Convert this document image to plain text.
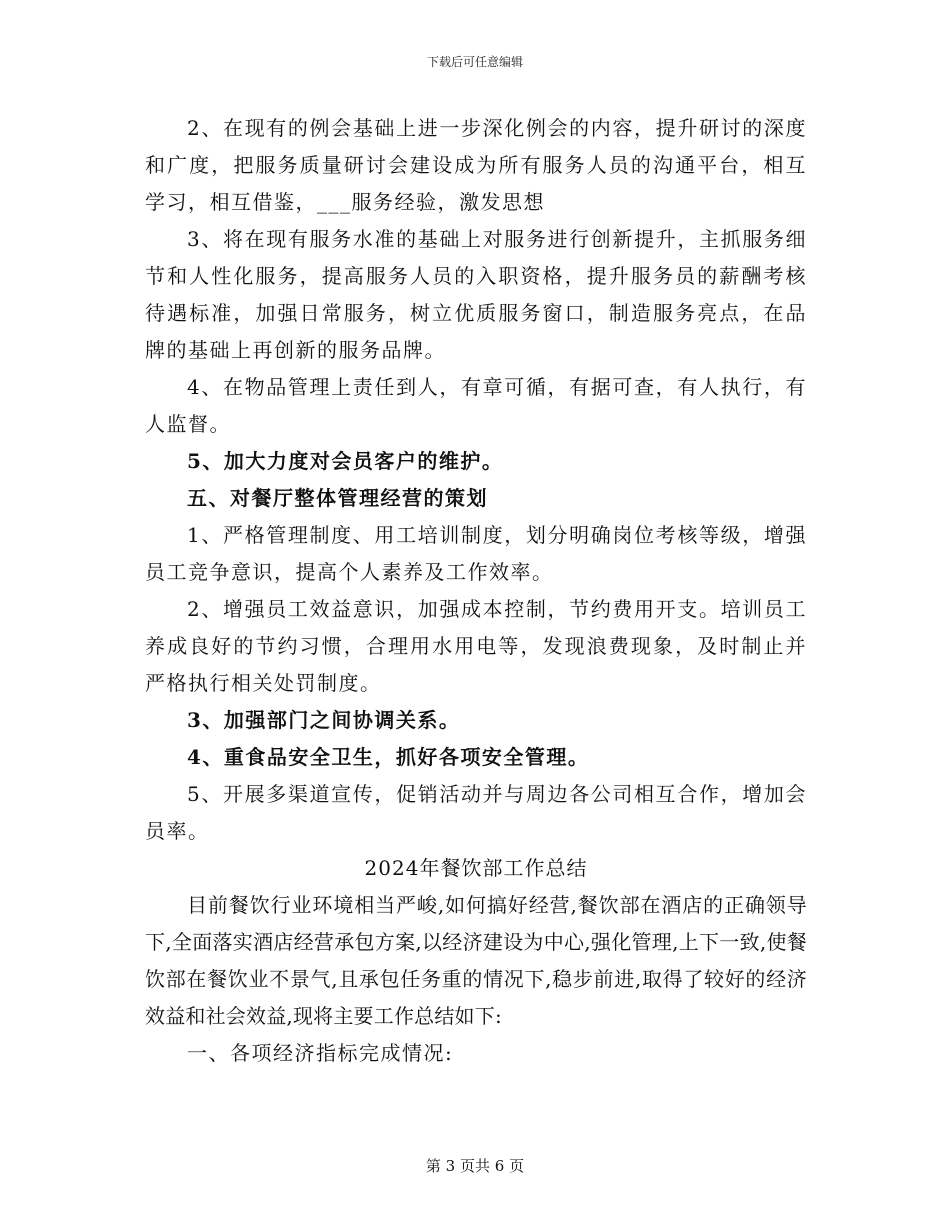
下载后可任意编辑

2、在现有的例会基础上进一步深化例会的内容，提升研讨的深度和广度，把服务质量研讨会建设成为所有服务人员的沟通平台，相互学习，相互借鉴，___服务经验，激发思想

3、将在现有服务水准的基础上对服务进行创新提升，主抓服务细节和人性化服务，提高服务人员的入职资格，提升服务员的薪酬考核待遇标准，加强日常服务，树立优质服务窗口，制造服务亮点，在品牌的基础上再创新的服务品牌。

4、在物品管理上责任到人，有章可循，有据可查，有人执行，有人监督。

5、加大力度对会员客户的维护。

五、对餐厅整体管理经营的策划

1、严格管理制度、用工培训制度，划分明确岗位考核等级，增强员工竞争意识，提高个人素养及工作效率。

2、增强员工效益意识，加强成本控制，节约费用开支。培训员工养成良好的节约习惯，合理用水用电等，发现浪费现象，及时制止并严格执行相关处罚制度。

3、加强部门之间协调关系。

4、重食品安全卫生，抓好各项安全管理。

5、开展多渠道宣传，促销活动并与周边各公司相互合作，增加会员率。

2024年餐饮部工作总结

目前餐饮行业环境相当严峻,如何搞好经营,餐饮部在酒店的正确领导下,全面落实酒店经营承包方案,以经济建设为中心,强化管理,上下一致,使餐饮部在餐饮业不景气,且承包任务重的情况下,稳步前进,取得了较好的经济效益和社会效益,现将主要工作总结如下:

一、各项经济指标完成情况:

第 3 页共 6 页
